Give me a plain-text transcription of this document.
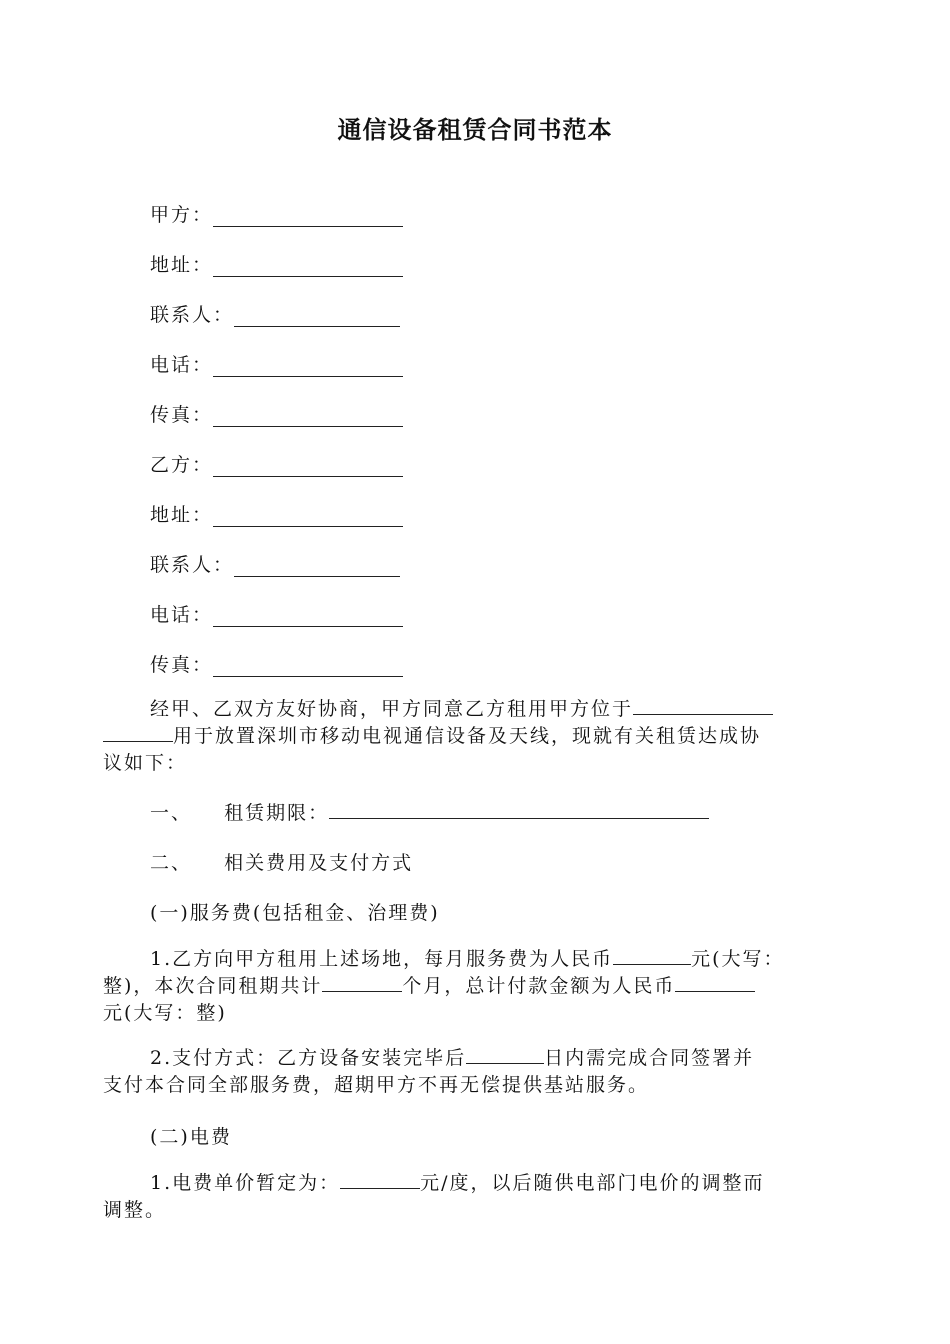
通信设备租赁合同书范本
甲方：
地址：
联系人：
电话：
传真：
乙方：
地址：
联系人：
电话：
传真：
经甲、乙双方友好协商，甲方同意乙方租用甲方位于
用于放置深圳市移动电视通信设备及天线，现就有关租赁达成协
议如下：
一、 租赁期限：
二、 相关费用及支付方式
(一)服务费(包括租金、治理费)
1.乙方向甲方租用上述场地，每月服务费为人民币	元(大写：
整)，本次合同租期共计	个月，总计付款金额为人民币
元(大写：整)
2.支付方式：乙方设备安装完毕后	日内需完成合同签署并
支付本合同全部服务费，超期甲方不再无偿提供基站服务。
(二)电费
1.电费单价暂定为：	元/度，以后随供电部门电价的调整而
调整。
